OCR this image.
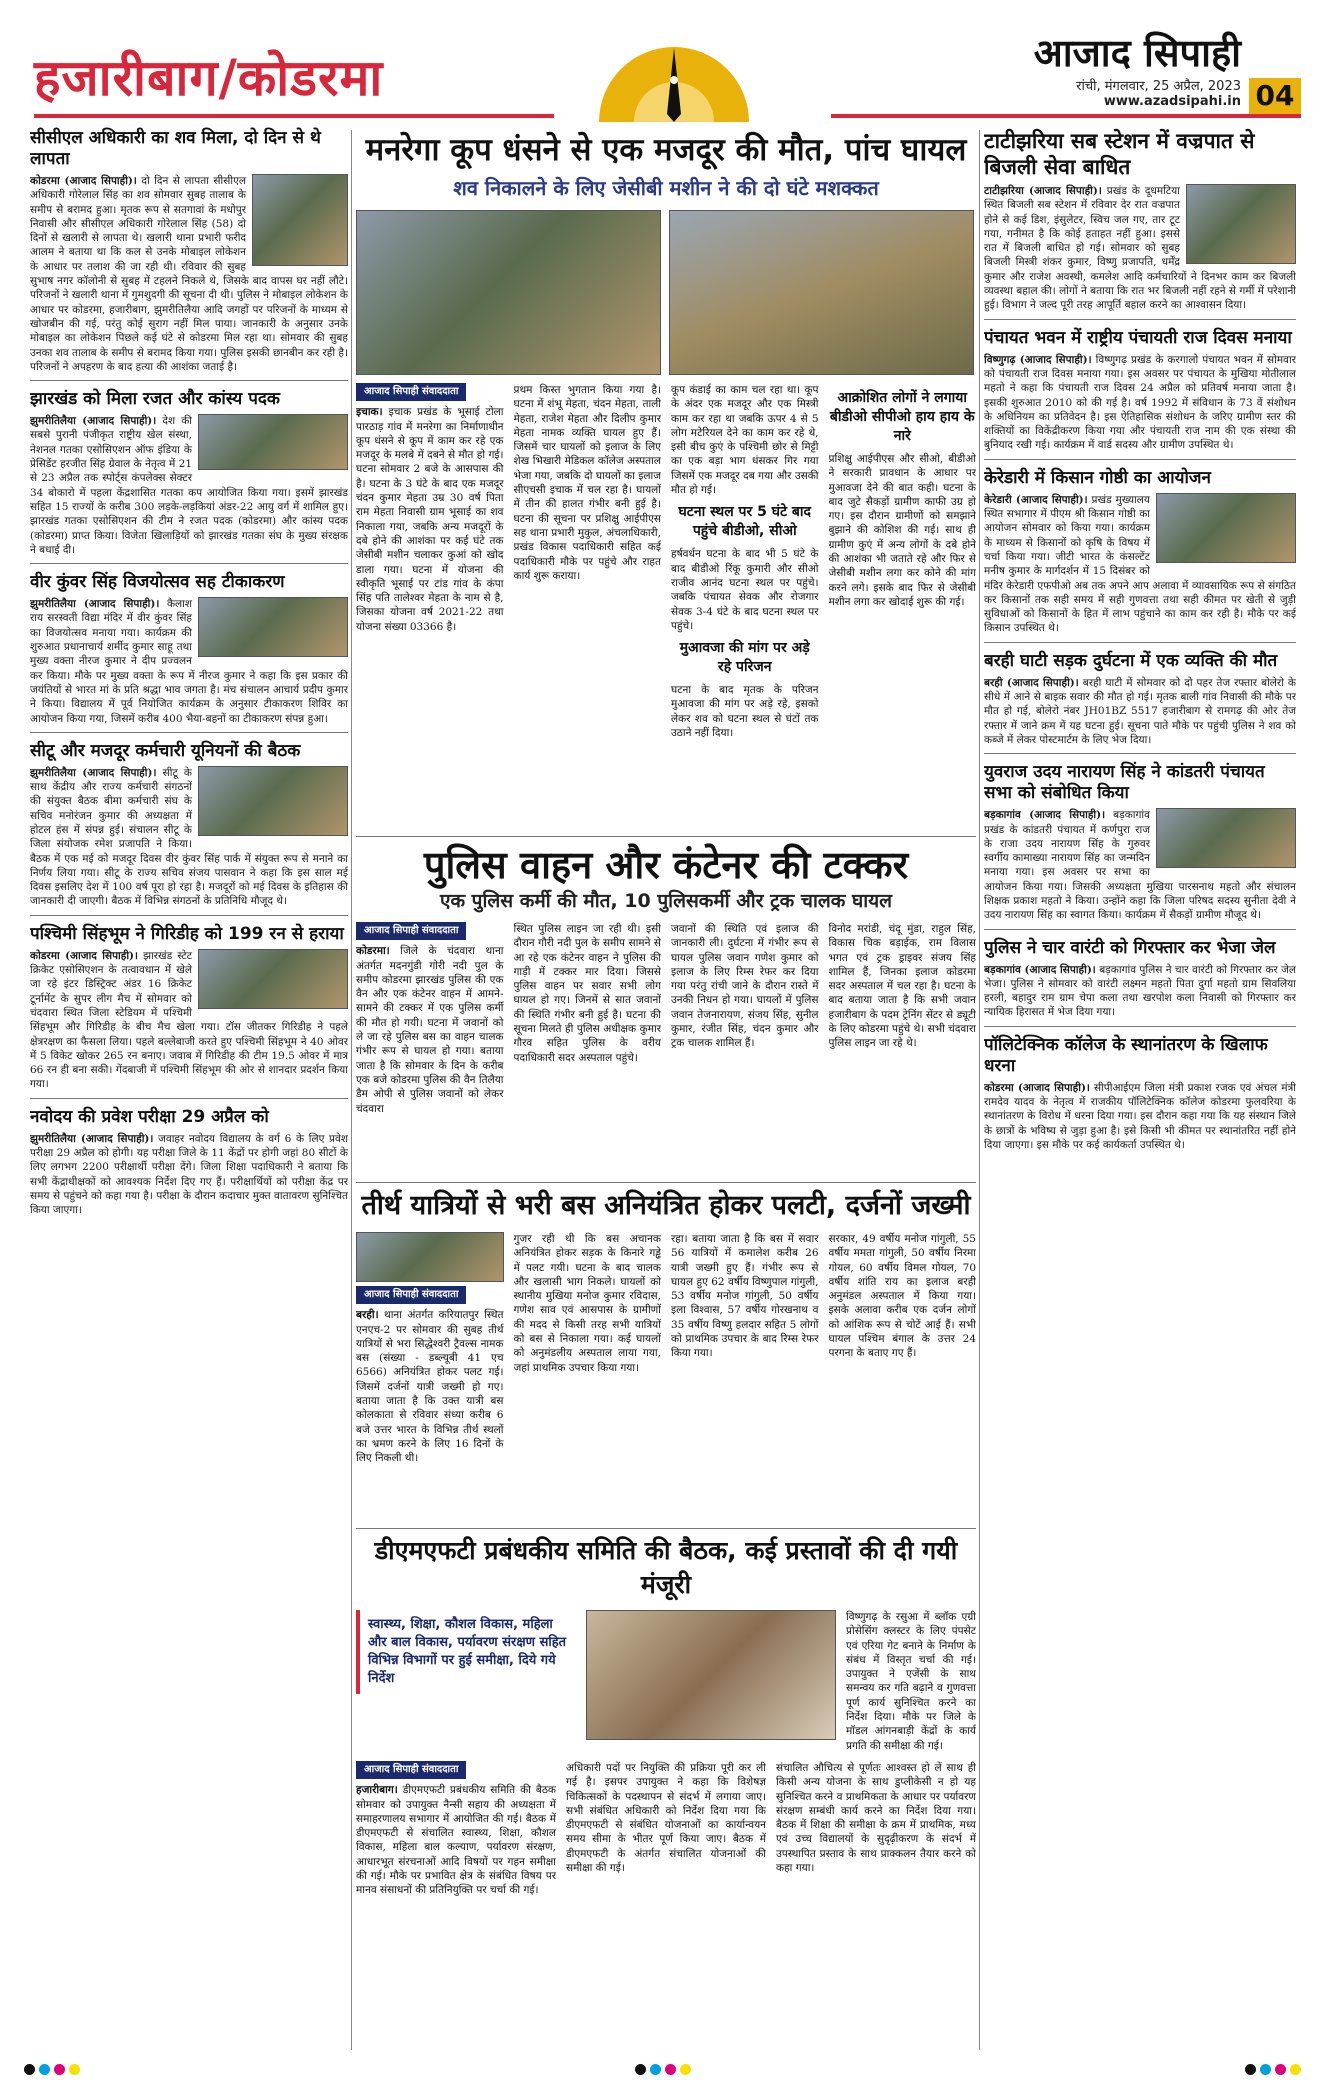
हजारीबाग/कोडरमा	आजाद सिपाही
रांची, मंगलवार, 25 अप्रैल, 2023
www.azadsipahi.in 04
सीसीएल अधिकारी का शव मिला, दो दिन से थे लापता
कोडरमा (आजाद सिपाही)। दो दिन से लापता सीसीएल अधिकारी गोरेलाल सिंह का शव सोमवार सुबह तालाब के समीप से बरामद हुआ। मृतक रूप से सतगावां के मधोपुर निवासी और सीसीएल अधिकारी गोरेलाल सिंह (58) दो दिनों से खलारी से लापता थे। खलारी थाना प्रभारी फरीद आलम ने बताया था कि कल से उनके मोबाइल लोकेशन के आधार पर तलाश की जा रही थी। रविवार की सुबह सुभाष नगर कॉलोनी से सुबह में टहलने निकले थे, जिसके बाद वापस घर नहीं लौटे। परिजनों ने खलारी थाना में गुमशुदगी की सूचना दी थी। पुलिस ने मोबाइल लोकेशन के आधार पर कोडरमा, हजारीबाग, झुमरीतिलैया आदि जगहों पर परिजनों के माध्यम से खोजबीन की गई, परंतु कोई सुराग नहीं मिल पाया। जानकारी के अनुसार उनके मोबाइल का लोकेशन पिछले कई घंटे से कोडरमा मिल रहा था। सोमवार की सुबह उनका शव तालाब के समीप से बरामद किया गया। पुलिस इसकी छानबीन कर रही है। परिजनों ने अपहरण के बाद हत्या की आशंका जताई है।
झारखंड को मिला रजत और कांस्य पदक
झुमरीतिलैया (आजाद सिपाही)। देश की सबसे पुरानी पंजीकृत राष्ट्रीय खेल संस्था, नेशनल गतका एसोसिएशन ऑफ इंडिया के प्रेसिडेंट हरजीत सिंह ग्रेवाल के नेतृत्व में 21 से 23 अप्रैल तक स्पोर्ट्स कंपलेक्स सेक्टर 34 बोकारो में पहला केंद्रशासित गतका कप आयोजित किया गया। इसमें झारखंड सहित 15 राज्यों के करीब 300 लड़के-लड़कियां अंडर-22 आयु वर्ग में शामिल हुए। झारखंड गतका एसोसिएशन की टीम ने रजत पदक (कोडरमा) और कांस्य पदक (कोडरमा) प्राप्त किया। विजेता खिलाड़ियों को झारखंड गतका संघ के मुख्य संरक्षक ने बधाई दी।
वीर कुंवर सिंह विजयोत्सव सह टीकाकरण
झुमरीतिलैया (आजाद सिपाही)। कैलाश राय सरस्वती विद्या मंदिर में वीर कुंवर सिंह का विजयोत्सव मनाया गया। कार्यक्रम की शुरुआत प्रधानाचार्य शर्मीद कुमार साहू तथा मुख्य वक्ता नीरज कुमार ने दीप प्रज्वलन कर किया। मौके पर मुख्य वक्ता के रूप में नीरज कुमार ने कहा कि इस प्रकार की जयंतियों से भारत मां के प्रति श्रद्धा भाव जगता है। मंच संचालन आचार्य प्रदीप कुमार ने किया। विद्यालय में पूर्व नियोजित कार्यक्रम के अनुसार टीकाकरण शिविर का आयोजन किया गया, जिसमें करीब 400 भैया-बहनों का टीकाकरण संपन्न हुआ।
सीटू और मजदूर कर्मचारी यूनियनों की बैठक
झुमरीतिलैया (आजाद सिपाही)। सीटू के साथ केंद्रीय और राज्य कर्मचारी संगठनों की संयुक्त बैठक बीमा कर्मचारी संघ के सचिव मनोरंजन कुमार की अध्यक्षता में होटल हंस में संपन्न हुई। संचालन सीटू के जिला संयोजक रमेश प्रजापति ने किया। बैठक में एक मई को मजदूर दिवस वीर कुंवर सिंह पार्क में संयुक्त रूप से मनाने का निर्णय लिया गया। सीटू के राज्य सचिव संजय पासवान ने कहा कि इस साल मई दिवस इसलिए देश में 100 वर्ष पूरा हो रहा है। मजदूरों को मई दिवस के इतिहास की जानकारी दी जाएगी। बैठक में विभिन्न संगठनों के प्रतिनिधि मौजूद थे।
पश्चिमी सिंहभूम ने गिरिडीह को 199 रन से हराया
कोडरमा (आजाद सिपाही)। झारखंड स्टेट क्रिकेट एसोसिएशन के तत्वावधान में खेले जा रहे इंटर डिस्ट्रिक्ट अंडर 16 क्रिकेट टूर्नामेंट के सुपर लीग मैच में सोमवार को चंदवारा स्थित जिला स्टेडियम में पश्चिमी सिंहभूम और गिरिडीह के बीच मैच खेला गया। टॉस जीतकर गिरिडीह ने पहले क्षेत्ररक्षण का फैसला लिया। पहले बल्लेबाजी करते हुए पश्चिमी सिंहभूम ने 40 ओवर में 5 विकेट खोकर 265 रन बनाए। जवाब में गिरिडीह की टीम 19.5 ओवर में मात्र 66 रन ही बना सकी। गेंदबाजी में पश्चिमी सिंहभूम की ओर से शानदार प्रदर्शन किया गया।
नवोदय की प्रवेश परीक्षा 29 अप्रैल को
झुमरीतिलैया (आजाद सिपाही)। जवाहर नवोदय विद्यालय के वर्ग 6 के लिए प्रवेश परीक्षा 29 अप्रैल को होगी। यह परीक्षा जिले के 11 केंद्रों पर होगी जहां 80 सीटों के लिए लगभग 2200 परीक्षार्थी परीक्षा देंगे। जिला शिक्षा पदाधिकारी ने बताया कि सभी केंद्राधीक्षकों को आवश्यक निर्देश दिए गए हैं। परीक्षार्थियों को परीक्षा केंद्र पर समय से पहुंचने को कहा गया है। परीक्षा के दौरान कदाचार मुक्त वातावरण सुनिश्चित किया जाएगा।
मनरेगा कूप धंसने से एक मजदूर की मौत, पांच घायल
शव निकालने के लिए जेसीबी मशीन ने की दो घंटे मशक्कत
आजाद सिपाही संवाददाता
इचाक। इचाक प्रखंड के भूसाई टोला पारठाड़ गांव में मनरेगा का निर्माणाधीन कूप धंसने से कूप में काम कर रहे एक मजदूर के मलबे में दबने से मौत हो गई। घटना सोमवार 2 बजे के आसपास की है। घटना के 3 घंटे के बाद एक मजदूर चंदन कुमार मेहता उम्र 30 वर्ष पिता राम मेहता निवासी ग्राम भूसाई का शव निकाला गया, जबकि अन्य मजदूरों के दबे होने की आशंका पर कई घंटे तक जेसीबी मशीन चलाकर कुआं को खोद डाला गया। घटना में योजना की स्वीकृति भूसाई पर टांड गांव के कंपा सिंह पति तालेश्वर मेहता के नाम से है, जिसका योजना वर्ष 2021-22 तथा योजना संख्या 03366 है।
प्रथम किस्त भुगतान किया गया है। घटना में शंभू मेहता, चंदन मेहता, ताली मेहता, राजेश मेहता और दिलीप कुमार मेहता नामक व्यक्ति घायल हुए हैं। जिसमें चार घायलों को इलाज के लिए शेख भिखारी मेडिकल कॉलेज अस्पताल भेजा गया, जबकि दो घायलों का इलाज सीएचसी इचाक में चल रहा है। घायलों में तीन की हालत गंभीर बनी हुई है। घटना की सूचना पर प्रशिक्षु आईपीएस सह थाना प्रभारी मुकुल, अंचलाधिकारी, प्रखंड विकास पदाधिकारी सहित कई पदाधिकारी मौके पर पहुंचे और राहत कार्य शुरू कराया।
कूप कंडाई का काम चल रहा था। कूप के अंदर एक मजदूर और एक मिस्त्री काम कर रहा था जबकि ऊपर 4 से 5 लोग मटेरियल देने का काम कर रहे थे, इसी बीच कुएं के पश्चिमी छोर से मिट्टी का एक बड़ा भाग धंसकर गिर गया जिसमें एक मजदूर दब गया और उसकी मौत हो गई।
घटना स्थल पर 5 घंटे बाद पहुंचे बीडीओ, सीओ
हर्षवर्धन घटना के बाद भी 5 घंटे के बाद बीडीओ रिंकू कुमारी और सीओ राजीव आनंद घटना स्थल पर पहुंचे। जबकि पंचायत सेवक और रोजगार सेवक 3-4 घंटे के बाद घटना स्थल पर पहुंचे।
मुआवजा की मांग पर अड़े रहे परिजन
घटना के बाद मृतक के परिजन मुआवजा की मांग पर अड़े रहे, इसको लेकर शव को घटना स्थल से घंटों तक उठाने नहीं दिया।
आक्रोशित लोगों ने लगाया बीडीओ सीपीओ हाय हाय के नारे
प्रशिक्षु आईपीएस और सीओ, बीडीओ ने सरकारी प्रावधान के आधार पर मुआवजा देने की बात कही। घटना के बाद जुटे सैकड़ों ग्रामीण काफी उग्र हो गए। इस दौरान ग्रामीणों को समझाने बुझाने की कोशिश की गई। साथ ही ग्रामीण कुएं में अन्य लोगों के दबे होने की आशंका भी जताते रहे और फिर से जेसीबी मशीन लगा कर कोने की मांग करने लगे। इसके बाद फिर से जेसीबी मशीन लगा कर खोदाई शुरू की गई।
पुलिस वाहन और कंटेनर की टक्कर
एक पुलिस कर्मी की मौत, 10 पुलिसकर्मी और ट्रक चालक घायल
आजाद सिपाही संवाददाता
कोडरमा। जिले के चंदवारा थाना अंतर्गत मदनगुंडी गोरी नदी पुल के समीप कोडरमा झारखंड पुलिस की एक वैन और एक कंटेनर वाहन में आमने-सामने की टक्कर में एक पुलिस कर्मी की मौत हो गयी। घटना में जवानों को ले जा रहे पुलिस बस का वाहन चालक गंभीर रूप से घायल हो गया। बताया जाता है कि सोमवार के दिन के करीब एक बजे कोडरमा पुलिस की वैन तिलैया डैम ओपी से पुलिस जवानों को लेकर चंदवारा
स्थित पुलिस लाइन जा रही थी। इसी दौरान गौरी नदी पुल के समीप सामने से आ रहे एक कंटेनर वाहन ने पुलिस की गाड़ी में टक्कर मार दिया। जिससे पुलिस वाहन पर सवार सभी लोग घायल हो गए। जिनमें से सात जवानों की स्थिति गंभीर बनी हुई है। घटना की सूचना मिलते ही पुलिस अधीक्षक कुमार गौरव सहित पुलिस के वरीय पदाधिकारी सदर अस्पताल पहुंचे।
जवानों की स्थिति एवं इलाज की जानकारी ली। दुर्घटना में गंभीर रूप से घायल पुलिस जवान गणेश कुमार को इलाज के लिए रिम्स रेफर कर दिया गया परंतु रांची जाने के दौरान रास्ते में उनकी निधन हो गया। घायलों में पुलिस जवान तेजनारायण, संजय सिंह, सुनील कुमार, रंजीत सिंह, चंदन कुमार और ट्रक चालक शामिल हैं।
विनोद मरांडी, चंदू मुंडा, राहुल सिंह, विकास चिक बड़ाईक, राम विलास भगत एवं ट्रक ड्राइवर संजय सिंह शामिल हैं, जिनका इलाज कोडरमा सदर अस्पताल में चल रहा है। घटना के बाद बताया जाता है कि सभी जवान हजारीबाग के पदम ट्रेनिंग सेंटर से ड्यूटी के लिए कोडरमा पहुंचे थे। सभी चंदवारा पुलिस लाइन जा रहे थे।
तीर्थ यात्रियों से भरी बस अनियंत्रित होकर पलटी, दर्जनों जख्मी
आजाद सिपाही संवाददाता
बरही। थाना अंतर्गत करियातपुर स्थित एनएच-2 पर सोमवार की सुबह तीर्थ यात्रियों से भरा सिद्धेश्वरी ट्रैवल्स नामक बस (संख्या - डब्ल्यूबी 41 एच 6566) अनियंत्रित होकर पलट गई। जिसमें दर्जनों यात्री जख्मी हो गए। बताया जाता है कि उक्त यात्री बस कोलकाता से रविवार संध्या करीब 6 बजे उत्तर भारत के विभिन्न तीर्थ स्थलों का भ्रमण करने के लिए 16 दिनों के लिए निकली थी।
गुजर रही थी कि बस अचानक अनियंत्रित होकर सड़क के किनारे गड्ढे में पलट गयी। घटना के बाद चालक और खलासी भाग निकले। घायलों को स्थानीय मुखिया मनोज कुमार रविदास, गणेश साव एवं आसपास के ग्रामीणों की मदद से किसी तरह सभी यात्रियों को बस से निकाला गया। कई घायलों को अनुमंडलीय अस्पताल लाया गया, जहां प्राथमिक उपचार किया गया।
रहा। बताया जाता है कि बस में सवार 56 यात्रियों में कमालेश करीब 26 यात्री जख्मी हुए हैं। गंभीर रूप से घायल हुए 62 वर्षीय विष्णुपाल गांगुली, 53 वर्षीय मनोज गांगुली, 50 वर्षीय इला विश्वास, 57 वर्षीय गोरखनाथ व 35 वर्षीय विष्णु हलदार सहित 5 लोगों को प्राथमिक उपचार के बाद रिम्स रेफर किया गया।
सरकार, 49 वर्षीय मनोज गांगुली, 55 वर्षीय ममता गांगुली, 50 वर्षीय निरमा गोयल, 60 वर्षीय विमल गोयल, 70 वर्षीय शांति राय का इलाज बरही अनुमंडल अस्पताल में किया गया। इसके अलावा करीब एक दर्जन लोगों को आंशिक रूप से चोटें आई हैं। सभी घायल पश्चिम बंगाल के उत्तर 24 परगना के बताए गए हैं।
डीएमएफटी प्रबंधकीय समिति की बैठक, कई प्रस्तावों की दी गयी मंजूरी
स्वास्थ्य, शिक्षा, कौशल विकास, महिला और बाल विकास, पर्यावरण संरक्षण सहित विभिन्न विभागों पर हुई समीक्षा, दिये गये निर्देश
विष्णुगढ़ के रसुआ में ब्लॉक एग्री प्रोसेसिंग क्लस्टर के लिए पंपसेट एवं एरिया गेट बनाने के निर्माण के संबंध में विस्तृत चर्चा की गई। उपायुक्त ने एजेंसी के साथ समन्वय कर गति बढ़ाने व गुणवत्ता पूर्ण कार्य सुनिश्चित करने का निर्देश दिया। मौके पर जिले के मॉडल आंगनबाड़ी केंद्रों के कार्य प्रगति की समीक्षा की गई।
आजाद सिपाही संवाददाता
हजारीबाग। डीएमएफटी प्रबंधकीय समिति की बैठक सोमवार को उपायुक्त नैन्सी सहाय की अध्यक्षता में समाहरणालय सभागार में आयोजित की गई। बैठक में डीएमएफटी से संचालित स्वास्थ्य, शिक्षा, कौशल विकास, महिला बाल कल्याण, पर्यावरण संरक्षण, आधारभूत संरचनाओं आदि विषयों पर गहन समीक्षा की गई। मौके पर प्रभावित क्षेत्र के संबंधित विषय पर मानव संसाधनों की प्रतिनियुक्ति पर चर्चा की गई।
अधिकारी पदों पर नियुक्ति की प्रक्रिया पूरी कर ली गई है। इसपर उपायुक्त ने कहा कि विशेषज्ञ चिकित्सकों के पदस्थापन से संदर्भ में लगाया जाए। सभी संबंधित अधिकारी को निर्देश दिया गया कि डीएमएफटी से संबंधित योजनाओं का कार्यान्वयन समय सीमा के भीतर पूर्ण किया जाए। बैठक में डीएमएफटी के अंतर्गत संचालित योजनाओं की समीक्षा की गई।
संचालित औचित्य से पूर्णतः आश्वस्त हो लें साथ ही किसी अन्य योजना के साथ डुप्लीकेसी न हो यह सुनिश्चित करने व प्राथमिकता के आधार पर पर्यावरण संरक्षण सम्बंधी कार्य करने का निर्देश दिया गया। बैठक में शिक्षा की समीक्षा के क्रम में प्राथमिक, मध्य एवं उच्च विद्यालयों के सुदृढ़ीकरण के संदर्भ में उपस्थापित प्रस्ताव के साथ प्राक्कलन तैयार करने को कहा गया।
टाटीझरिया सब स्टेशन में वज्रपात से बिजली सेवा बाधित
टाटीझरिया (आजाद सिपाही)। प्रखंड के दूधमटिया स्थित बिजली सब स्टेशन में रविवार देर रात वज्रपात होने से कई डिश, इंसुलेटर, स्विच जल गए, तार टूट गया, गनीमत है कि कोई हताहत नहीं हुआ। इससे रात में बिजली बाधित हो गई। सोमवार को सुबह बिजली मिस्त्री शंकर कुमार, विष्णु प्रजापति, धर्मेंद्र कुमार और राजेश अवस्थी, कमलेश आदि कर्मचारियों ने दिनभर काम कर बिजली व्यवस्था बहाल की। लोगों ने बताया कि रात भर बिजली नहीं रहने से गर्मी में परेशानी हुई। विभाग ने जल्द पूरी तरह आपूर्ति बहाल करने का आश्वासन दिया।
पंचायत भवन में राष्ट्रीय पंचायती राज दिवस मनाया
विष्णुगढ़ (आजाद सिपाही)। विष्णुगढ़ प्रखंड के करगालो पंचायत भवन में सोमवार को पंचायती राज दिवस मनाया गया। इस अवसर पर पंचायत के मुखिया मोतीलाल महतो ने कहा कि पंचायती राज दिवस 24 अप्रैल को प्रतिवर्ष मनाया जाता है। इसकी शुरुआत 2010 को की गई है। वर्ष 1992 में संविधान के 73 वें संशोधन के अधिनियम का प्रतिवेदन है। इस ऐतिहासिक संशोधन के जरिए ग्रामीण स्तर की शक्तियों का विकेंद्रीकरण किया गया और पंचायती राज नाम की एक संस्था की बुनियाद रखी गई। कार्यक्रम में वार्ड सदस्य और ग्रामीण उपस्थित थे।
केरेडारी में किसान गोष्ठी का आयोजन
केरेडारी (आजाद सिपाही)। प्रखंड मुख्यालय स्थित सभागार में पीएम श्री किसान गोष्ठी का आयोजन सोमवार को किया गया। कार्यक्रम के माध्यम से किसानों को कृषि के विषय में चर्चा किया गया। जीटी भारत के कंसल्टेंट मनीष कुमार के मार्गदर्शन में 15 दिसंबर को मंदिर केरेडारी एफपीओ अब तक अपने आप अलावा में व्यावसायिक रूप से संगठित कर किसानों तक सही समय में सही गुणवत्ता तथा सही कीमत पर खेती से जुड़ी सुविधाओं को किसानों के हित में लाभ पहुंचाने का काम कर रही है। मौके पर कई किसान उपस्थित थे।
बरही घाटी सड़क दुर्घटना में एक व्यक्ति की मौत
बरही (आजाद सिपाही)। बरही घाटी में सोमवार को दो पहर तेज रफ्तार बोलेरो के सीधे में आने से बाइक सवार की मौत हो गई। मृतक बाली गांव निवासी की मौके पर मौत हो गई, बोलेरो नंबर JH01BZ 5517 हजारीबाग से रामगढ़ की ओर तेज रफ्तार में जाने क्रम में यह घटना हुई। सूचना पाते मौके पर पहुंची पुलिस ने शव को कब्जे में लेकर पोस्टमार्टम के लिए भेज दिया।
युवराज उदय नारायण सिंह ने कांडतरी पंचायत सभा को संबोधित किया
बड़कागांव (आजाद सिपाही)। बड़कागांव प्रखंड के कांडतरी पंचायत में कर्णपुरा राज के राजा उदय नारायण सिंह के गुरुवर स्वर्गीय कामाख्या नारायण सिंह का जन्मदिन मनाया गया। इस अवसर पर सभा का आयोजन किया गया। जिसकी अध्यक्षता मुखिया पारसनाथ महतो और संचालन शिक्षक प्रकाश महतो ने किया। उन्होंने कहा कि जिला परिषद सदस्य सुनीता देवी ने उदय नारायण सिंह का स्वागत किया। कार्यक्रम में सैकड़ों ग्रामीण मौजूद थे।
पुलिस ने चार वारंटी को गिरफ्तार कर भेजा जेल
बड़कागांव (आजाद सिपाही)। बड़कागांव पुलिस ने चार वारंटी को गिरफ्तार कर जेल भेजा। पुलिस ने सोमवार को वारंटी लक्ष्मन महतो पिता दुर्गा महतो ग्राम सिवलिया हरली, बहादुर राम ग्राम चेपा कला तथा खरपोश कला निवासी को गिरफ्तार कर न्यायिक हिरासत में भेज दिया गया।
पॉलिटेक्निक कॉलेज के स्थानांतरण के खिलाफ धरना
कोडरमा (आजाद सिपाही)। सीपीआईएम जिला मंत्री प्रकाश रजक एवं अंचल मंत्री रामदेव यादव के नेतृत्व में राजकीय पॉलिटेक्निक कॉलेज कोडरमा फुलवरिया के स्थानांतरण के विरोध में धरना दिया गया। इस दौरान कहा गया कि यह संस्थान जिले के छात्रों के भविष्य से जुड़ा हुआ है। इसे किसी भी कीमत पर स्थानांतरित नहीं होने दिया जाएगा। इस मौके पर कई कार्यकर्ता उपस्थित थे।
